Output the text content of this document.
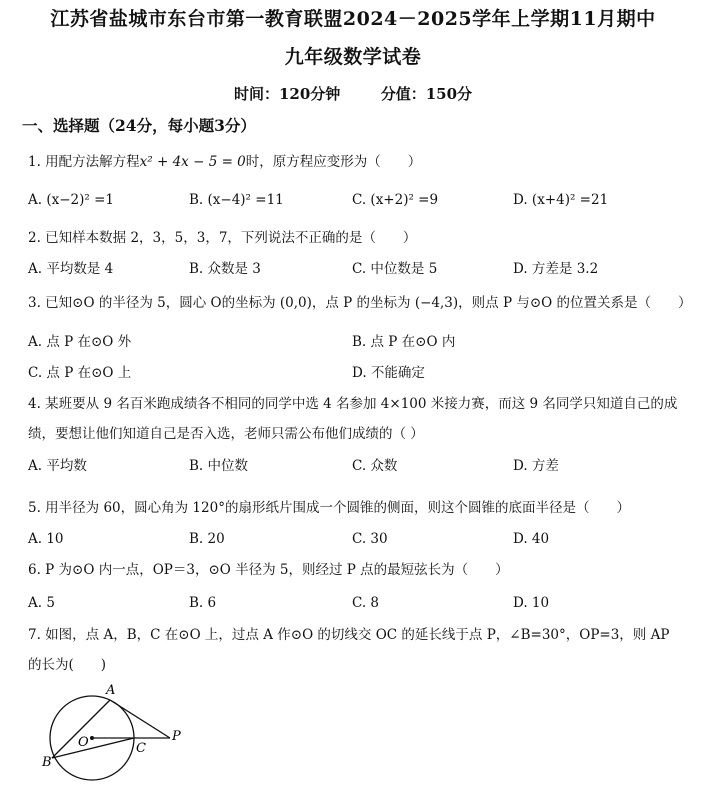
江苏省盐城市东台市第一教育联盟2024－2025学年上学期11月期中
九年级数学试卷
时间：120分钟	分值：150分
一、选择题（24分，每小题3分）
1. 用配方法解方程x² + 4x − 5 = 0时，原方程应变形为（　　）
A. (x−2)² =1	B. (x−4)² =11	C. (x+2)² =9	D. (x+4)² =21
2. 已知样本数据 2，3，5，3，7，下列说法不正确的是（　　）
A. 平均数是 4	B. 众数是 3	C. 中位数是 5	D. 方差是 3.2
3. 已知⊙O 的半径为 5，圆心 O的坐标为 (0,0)，点 P 的坐标为 (−4,3)，则点 P 与⊙O 的位置关系是（　　）
A. 点 P 在⊙O 外	B. 点 P 在⊙O 内
C. 点 P 在⊙O 上	D. 不能确定
4. 某班要从 9 名百米跑成绩各不相同的同学中选 4 名参加 4×100 米接力赛，而这 9 名同学只知道自己的成绩，要想让他们知道自己是否入选，老师只需公布他们成绩的（ ）
A. 平均数	B. 中位数	C. 众数	D. 方差
5. 用半径为 60，圆心角为 120°的扇形纸片围成一个圆锥的侧面，则这个圆锥的底面半径是（　　）
A. 10	B. 20	C. 30	D. 40
6. P 为⊙O 内一点，OP＝3，⊙O 半径为 5，则经过 P 点的最短弦长为（　　）
A. 5	B. 6	C. 8	D. 10
7. 如图，点 A，B，C 在⊙O 上，过点 A 作⊙O 的切线交 OC 的延长线于点 P，∠B=30°，OP=3，则 AP 的长为(　　)
A
O	C
P
B
